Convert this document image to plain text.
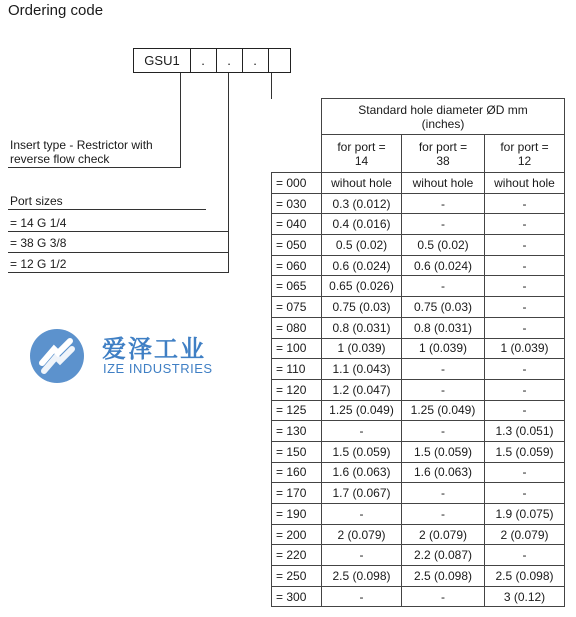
Ordering code
GSU1 . . .
Insert type - Restrictor with reverse flow check
Port sizes
= 14 G 1/4
= 38 G 3/8
= 12 G 1/2
爱泽工业
IZE INDUSTRIES

	Standard hole diameter ØD mm (inches)		

	for port = 14	for port = 38	for port = 12

= 000	wihout hole	wihout hole	wihout hole
= 030	0.3 (0.012)	-	-
= 040	0.4 (0.016)	-	-
= 050	0.5 (0.02)	0.5 (0.02)	-
= 060	0.6 (0.024)	0.6 (0.024)	-
= 065	0.65 (0.026)	-	-
= 075	0.75 (0.03)	0.75 (0.03)	-
= 080	0.8 (0.031)	0.8 (0.031)	-
= 100	1 (0.039)	1 (0.039)	1 (0.039)
= 110	1.1 (0.043)	-	-
= 120	1.2 (0.047)	-	-
= 125	1.25 (0.049)	1.25 (0.049)	-
= 130	-	-	1.3 (0.051)
= 150	1.5 (0.059)	1.5 (0.059)	1.5 (0.059)
= 160	1.6 (0.063)	1.6 (0.063)	-
= 170	1.7 (0.067)	-	-
= 190	-	-	1.9 (0.075)
= 200	2 (0.079)	2 (0.079)	2 (0.079)
= 220	-	2.2 (0.087)	-
= 250	2.5 (0.098)	2.5 (0.098)	2.5 (0.098)
= 300	-	-	3 (0.12)
